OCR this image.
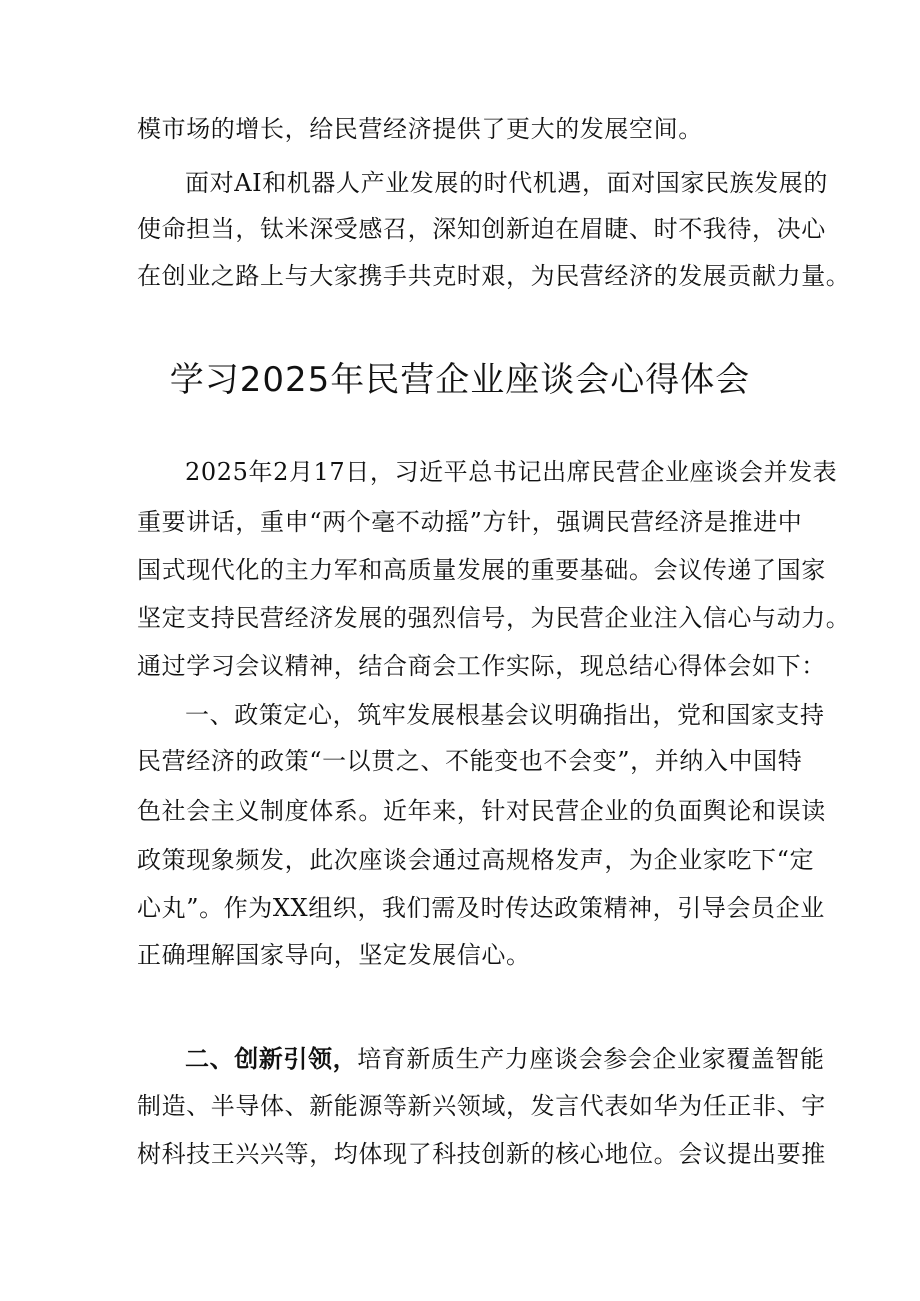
模市场的增长，给民营经济提供了更大的发展空间。
面对AI和机器人产业发展的时代机遇，面对国家民族发展的
使命担当，钛米深受感召，深知创新迫在眉睫、时不我待，决心
在创业之路上与大家携手共克时艰，为民营经济的发展贡献力量。
学习2025年民营企业座谈会心得体会
2025年2月17日，习近平总书记出席民营企业座谈会并发表
重要讲话，重申“两个毫不动摇”方针，强调民营经济是推进中
国式现代化的主力军和高质量发展的重要基础。会议传递了国家
坚定支持民营经济发展的强烈信号，为民营企业注入信心与动力。
通过学习会议精神，结合商会工作实际，现总结心得体会如下：
一、政策定心，筑牢发展根基会议明确指出，党和国家支持
民营经济的政策“一以贯之、不能变也不会变”，并纳入中国特
色社会主义制度体系。近年来，针对民营企业的负面舆论和误读
政策现象频发，此次座谈会通过高规格发声，为企业家吃下“定
心丸”。作为XX组织，我们需及时传达政策精神，引导会员企业
正确理解国家导向，坚定发展信心。
二、创新引领，培育新质生产力座谈会参会企业家覆盖智能
制造、半导体、新能源等新兴领域，发言代表如华为任正非、宇
树科技王兴兴等，均体现了科技创新的核心地位。会议提出要推
